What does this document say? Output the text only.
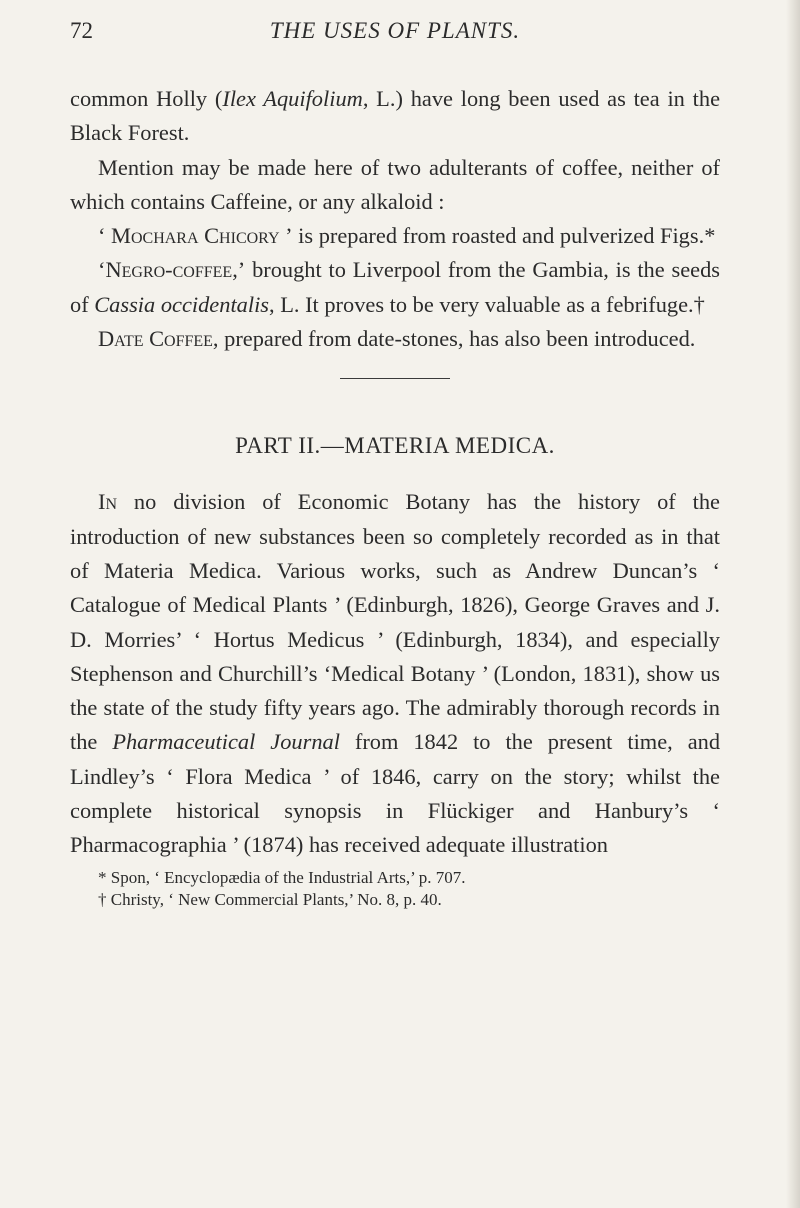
72	THE USES OF PLANTS.

common Holly (Ilex Aquifolium, L.) have long been used as tea in the Black Forest.

Mention may be made here of two adulterants of coffee, neither of which contains Caffeine, or any alkaloid :

‘ Mochara Chicory ’ is prepared from roasted and pulverized Figs.*

‘Negro-coffee,’ brought to Liverpool from the Gambia, is the seeds of Cassia occidentalis, L. It proves to be very valuable as a febrifuge.†

Date Coffee, prepared from date-stones, has also been introduced.

PART II.—MATERIA MEDICA.

In no division of Economic Botany has the history of the introduction of new substances been so completely recorded as in that of Materia Medica. Various works, such as Andrew Duncan’s ‘ Catalogue of Medical Plants ’ (Edinburgh, 1826), George Graves and J. D. Morries’ ‘ Hortus Medicus ’ (Edinburgh, 1834), and especially Stephenson and Churchill’s ‘Medical Botany ’ (London, 1831), show us the state of the study fifty years ago. The admirably thorough records in the Pharmaceutical Journal from 1842 to the present time, and Lindley’s ‘ Flora Medica ’ of 1846, carry on the story; whilst the complete historical synopsis in Flückiger and Hanbury’s ‘ Pharmacographia ’ (1874) has received adequate illustration

* Spon, ‘ Encyclopædia of the Industrial Arts,’ p. 707.

† Christy, ‘ New Commercial Plants,’ No. 8, p. 40.
